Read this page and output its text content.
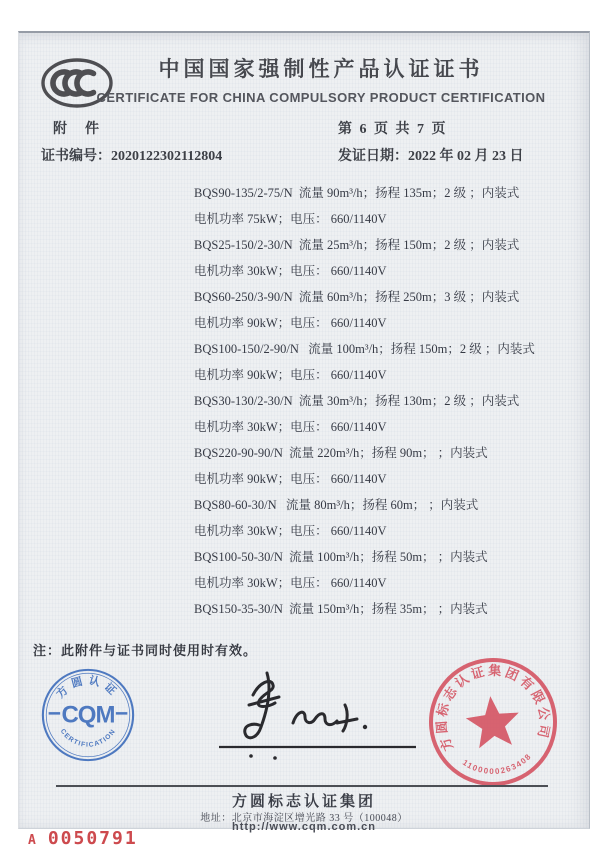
中国国家强制性产品认证证书
CERTIFICATE FOR CHINA COMPULSORY PRODUCT CERTIFICATION
附　件	第 6 页 共 7 页
证书编号：2020122302112804	发证日期：2022 年 02 月 23 日
BQS90-135/2-75/N  流量 90m³/h；扬程 135m；2 级 ；内装式
电机功率 75kW；电压： 660/1140V
BQS25-150/2-30/N  流量 25m³/h；扬程 150m；2 级 ；内装式
电机功率 30kW；电压： 660/1140V
BQS60-250/3-90/N  流量 60m³/h；扬程 250m；3 级 ；内装式
电机功率 90kW；电压： 660/1140V
BQS100-150/2-90/N   流量 100m³/h；扬程 150m；2 级 ；内装式
电机功率 90kW；电压： 660/1140V
BQS30-130/2-30/N  流量 30m³/h；扬程 130m；2 级 ；内装式
电机功率 30kW；电压： 660/1140V
BQS220-90-90/N  流量 220m³/h；扬程 90m； ；内装式
电机功率 90kW；电压： 660/1140V
BQS80-60-30/N   流量 80m³/h；扬程 60m； ；内装式
电机功率 30kW；电压： 660/1140V
BQS100-50-30/N  流量 100m³/h；扬程 50m； ；内装式
电机功率 30kW；电压： 660/1140V
BQS150-35-30/N  流量 150m³/h；扬程 35m； ；内装式
注：此附件与证书同时使用时有效。
方圆认证
CQM
CERTIFICATION
方圆标志认证集团有限公司
1100000263408
方圆标志认证集团
地址：北京市海淀区增光路 33 号（100048）
http://www.cqm.com.cn
A 0050791
